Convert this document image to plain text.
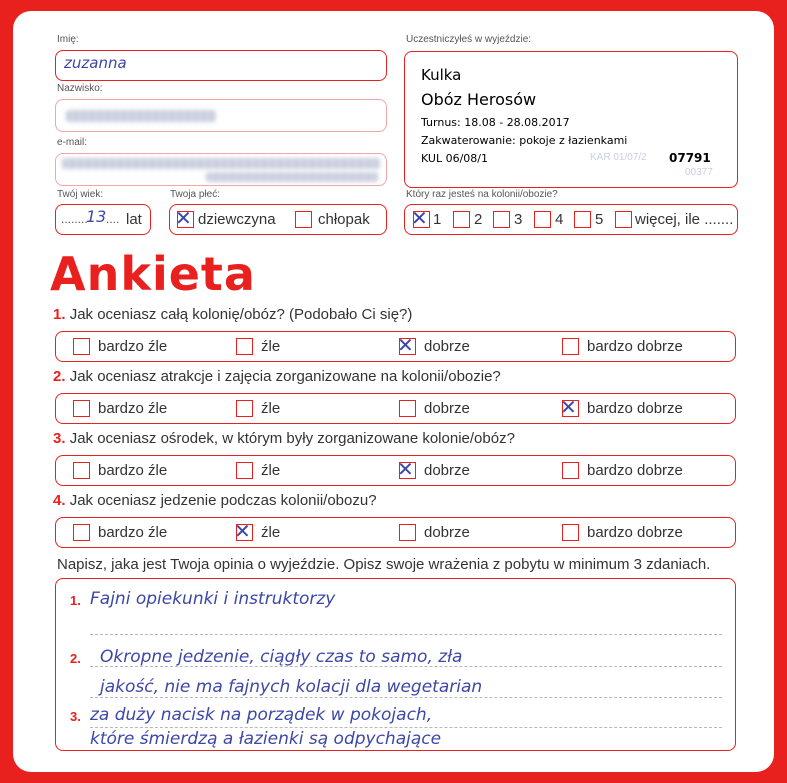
Imię:
zuzanna
Nazwisko:
e-mail:
Twój wiek:
........
13 .... lat
Twoja płeć:
✕ dziewczyna	chłopak
Uczestniczyłeś w wyjeździe:
KAR 01/07/2
00377
Kulka
Obóz Herosów
Turnus: 18.08 - 28.08.2017
Zakwaterowanie: pokoje z łazienkami
KUL 06/08/1	07791
Który raz jesteś na kolonii/obozie?
✕ 1 2 3 4 5 więcej, ile .......
Ankieta
1. Jak oceniasz całą kolonię/obóz? (Podobało Ci się?)
bardzo źle	źle	✕ dobrze	bardzo dobrze
2. Jak oceniasz atrakcje i zajęcia zorganizowane na kolonii/obozie?
bardzo źle	źle	dobrze	✕ bardzo dobrze
3. Jak oceniasz ośrodek, w którym były zorganizowane kolonie/obóz?
bardzo źle	źle	✕ dobrze	bardzo dobrze
4. Jak oceniasz jedzenie podczas kolonii/obozu?
bardzo źle	✕ źle	dobrze	bardzo dobrze
Napisz, jaka jest Twoja opinia o wyjeździe. Opisz swoje wrażenia z pobytu w minimum 3 zdaniach.
1. Fajni opiekunki i instruktorzy
2. Okropne jedzenie, ciągły czas to samo, zła
jakość, nie ma fajnych kolacji dla wegetarian
3. za duży nacisk na porządek w pokojach,
które śmierdzą a łazienki są odpychające
